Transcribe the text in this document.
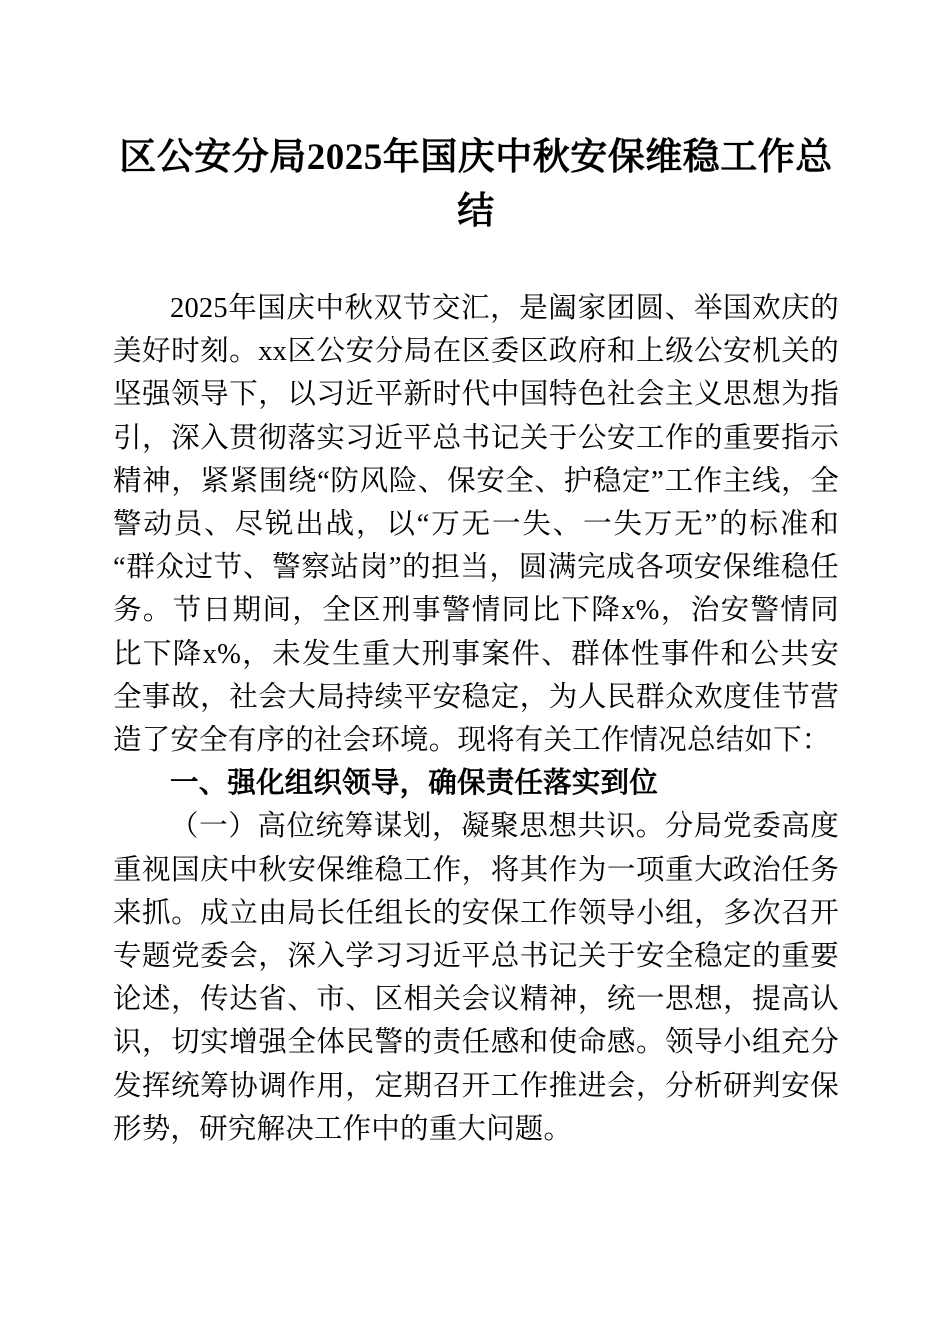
区公安分局2025年国庆中秋安保维稳工作总结

2025年国庆中秋双节交汇，是阖家团圆、举国欢庆的美好时刻。xx区公安分局在区委区政府和上级公安机关的坚强领导下，以习近平新时代中国特色社会主义思想为指引，深入贯彻落实习近平总书记关于公安工作的重要指示精神，紧紧围绕“防风险、保安全、护稳定”工作主线，全警动员、尽锐出战，以“万无一失、一失万无”的标准和“群众过节、警察站岗”的担当，圆满完成各项安保维稳任务。节日期间，全区刑事警情同比下降x%，治安警情同比下降x%，未发生重大刑事案件、群体性事件和公共安全事故，社会大局持续平安稳定，为人民群众欢度佳节营造了安全有序的社会环境。现将有关工作情况总结如下：

一、强化组织领导，确保责任落实到位

（一）高位统筹谋划，凝聚思想共识。分局党委高度重视国庆中秋安保维稳工作，将其作为一项重大政治任务来抓。成立由局长任组长的安保工作领导小组，多次召开专题党委会，深入学习习近平总书记关于安全稳定的重要论述，传达省、市、区相关会议精神，统一思想，提高认识，切实增强全体民警的责任感和使命感。领导小组充分发挥统筹协调作用，定期召开工作推进会，分析研判安保形势，研究解决工作中的重大问题。
